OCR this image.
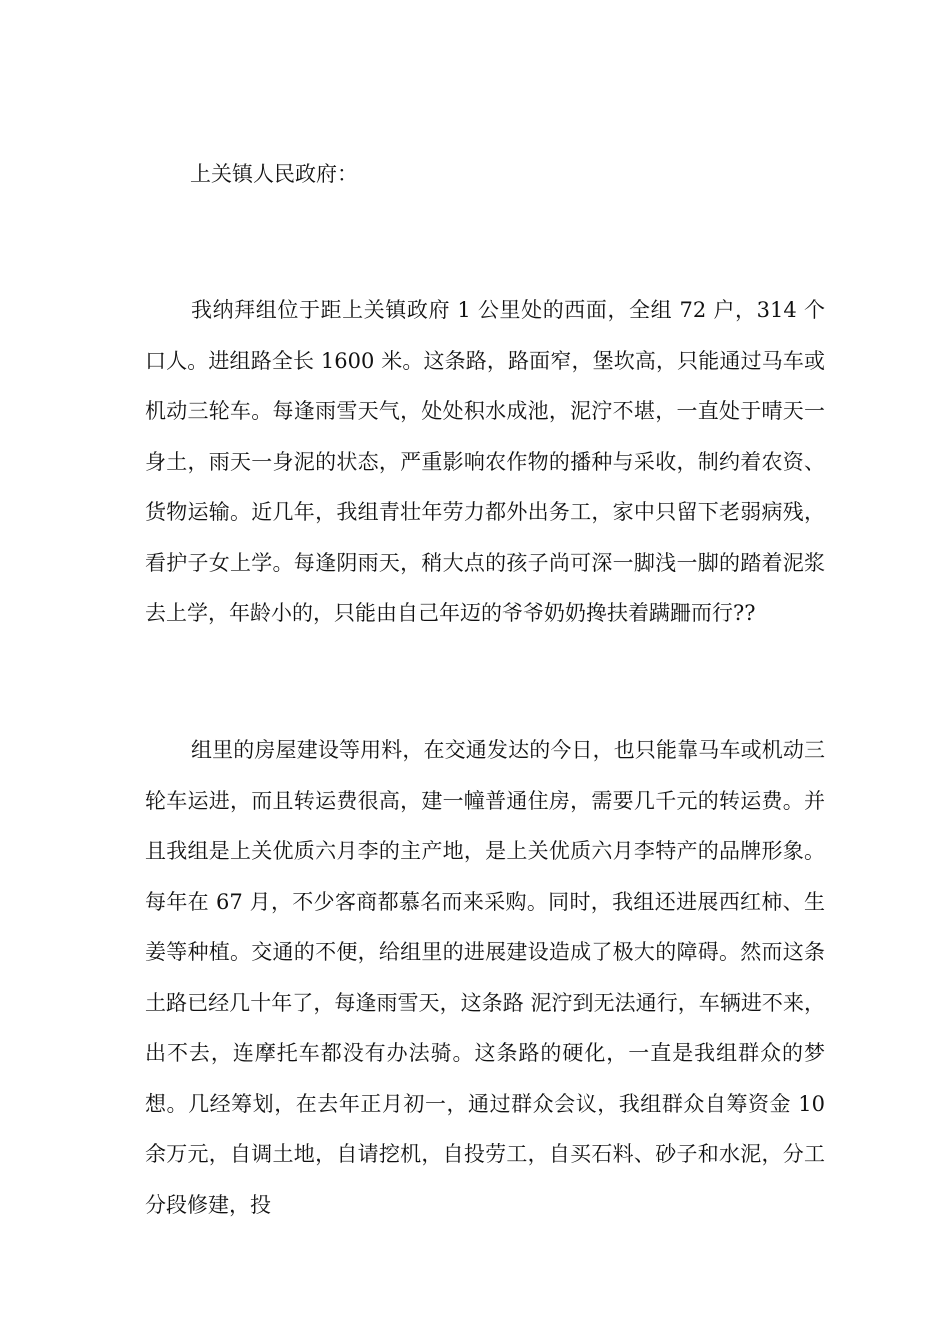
上关镇人民政府：

我纳拜组位于距上关镇政府 1 公里处的西面，全组 72 户，314 个口人。进组路全长 1600 米。这条路，路面窄，堡坎高，只能通过马车或机动三轮车。每逢雨雪天气，处处积水成池，泥泞不堪，一直处于晴天一身土，雨天一身泥的状态，严重影响农作物的播种与采收，制约着农资、货物运输。近几年，我组青壮年劳力都外出务工，家中只留下老弱病残，看护子女上学。每逢阴雨天，稍大点的孩子尚可深一脚浅一脚的踏着泥浆去上学，年龄小的，只能由自己年迈的爷爷奶奶搀扶着蹒跚而行??

组里的房屋建设等用料，在交通发达的今日，也只能靠马车或机动三轮车运进，而且转运费很高，建一幢普通住房，需要几千元的转运费。并且我组是上关优质六月李的主产地，是上关优质六月李特产的品牌形象。每年在 67 月，不少客商都慕名而来采购。同时，我组还进展西红柿、生姜等种植。交通的不便，给组里的进展建设造成了极大的障碍。然而这条土路已经几十年了，每逢雨雪天，这条路 泥泞到无法通行，车辆进不来，出不去，连摩托车都没有办法骑。这条路的硬化，一直是我组群众的梦想。几经筹划，在去年正月初一，通过群众会议，我组群众自筹资金 10 余万元，自调土地，自请挖机，自投劳工，自买石料、砂子和水泥，分工分段修建，投
